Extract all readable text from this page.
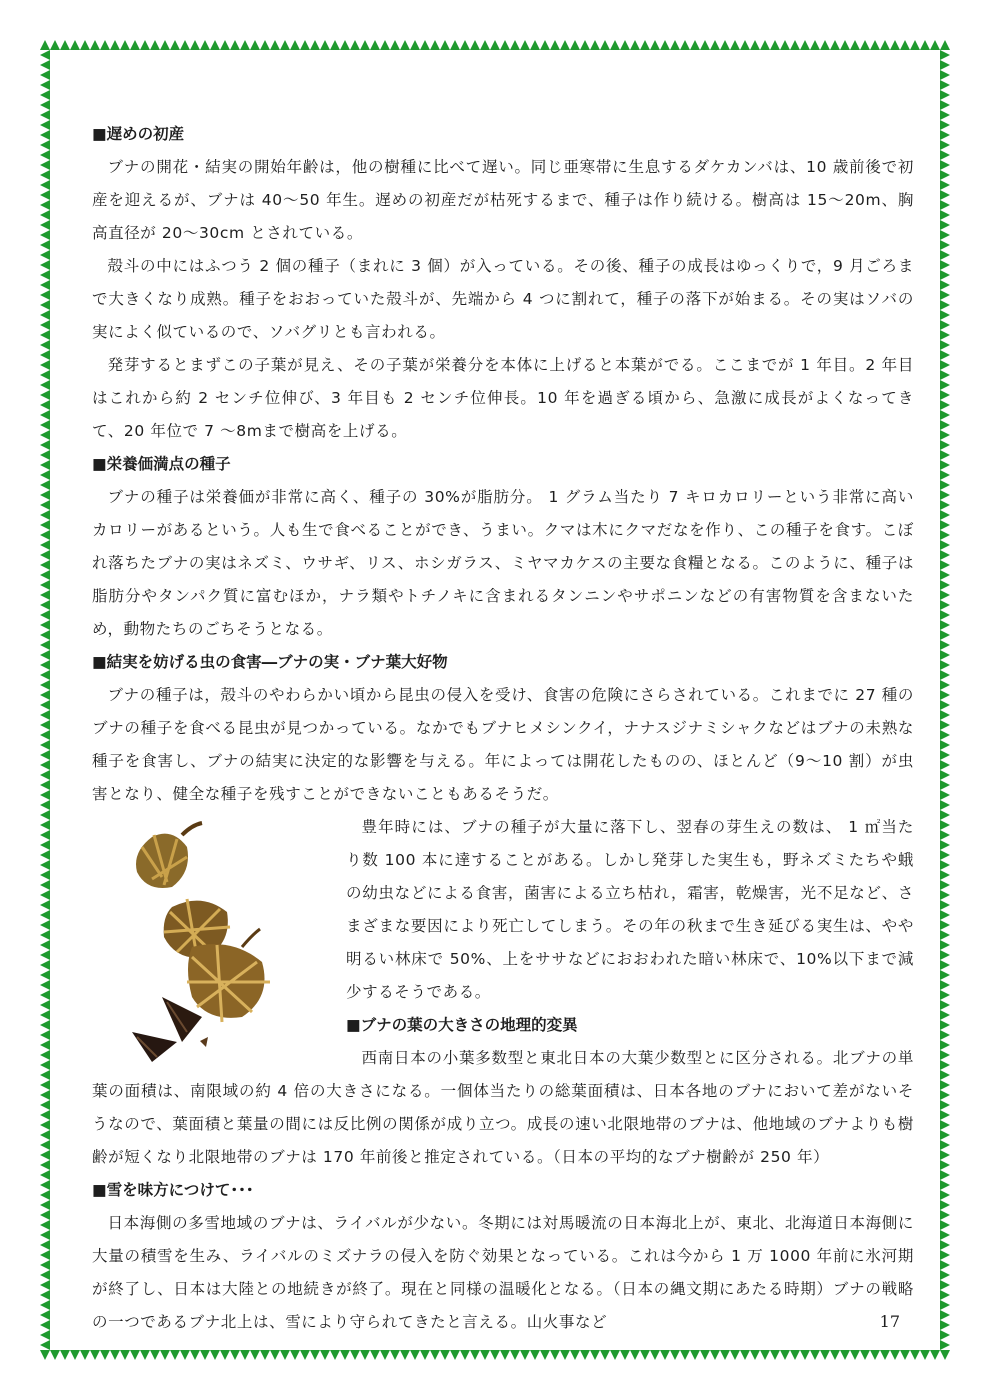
■遅めの初産
ブナの開花・結実の開始年齢は，他の樹種に比べて遅い。同じ亜寒帯に生息するダケカンバは、10 歳前後で初産を迎えるが、ブナは 40〜50 年生。遅めの初産だが枯死するまで、種子は作り続ける。樹高は 15〜20m、胸高直径が 20〜30cm とされている。
殻斗の中にはふつう 2 個の種子（まれに 3 個）が入っている。その後、種子の成長はゆっくりで，9 月ごろまで大きくなり成熟。種子をおおっていた殻斗が、先端から 4 つに割れて，種子の落下が始まる。その実はソバの実によく似ているので、ソバグリとも言われる。
発芽するとまずこの子葉が見え、その子葉が栄養分を本体に上げると本葉がでる。ここまでが 1 年目。2 年目はこれから約 2 センチ位伸び、3 年目も 2 センチ位伸長。10 年を過ぎる頃から、急激に成長がよくなってきて、20 年位で 7 〜8mまで樹高を上げる。
■栄養価満点の種子
ブナの種子は栄養価が非常に高く、種子の 30%が脂肪分。 1 グラム当たり 7 キロカロリーという非常に高いカロリーがあるという。人も生で食べることができ、うまい。クマは木にクマだなを作り、この種子を食す。こぼれ落ちたブナの実はネズミ、ウサギ、リス、ホシガラス、ミヤマカケスの主要な食糧となる。このように、種子は脂肪分やタンパク質に富むほか，ナラ類やトチノキに含まれるタンニンやサポニンなどの有害物質を含まないため，動物たちのごちそうとなる。
■結実を妨げる虫の食害―ブナの実・ブナ葉大好物
ブナの種子は，殻斗のやわらかい頃から昆虫の侵入を受け、食害の危険にさらされている。これまでに 27 種のブナの種子を食べる昆虫が見つかっている。なかでもブナヒメシンクイ，ナナスジナミシャクなどはブナの未熟な種子を食害し、ブナの結実に決定的な影響を与える。年によっては開花したものの、ほとんど（9〜10 割）が虫害となり、健全な種子を残すことができないこともあるそうだ。
豊年時には、ブナの種子が大量に落下し、翌春の芽生えの数は、 1 ㎡当たり数 100 本に達することがある。しかし発芽した実生も，野ネズミたちや蛾の幼虫などによる食害，菌害による立ち枯れ，霜害，乾燥害，光不足など、さまざまな要因により死亡してしまう。その年の秋まで生き延びる実生は、やや明るい林床で 50%、上をササなどにおおわれた暗い林床で、10%以下まで減少するそうである。
■ブナの葉の大きさの地理的変異
西南日本の小葉多数型と東北日本の大葉少数型とに区分される。北ブナの単葉の面積は、南限域の約 4 倍の大きさになる。一個体当たりの総葉面積は、日本各地のブナにおいて差がないそうなので、葉面積と葉量の間には反比例の関係が成り立つ。成長の速い北限地帯のブナは、他地域のブナよりも樹齢が短くなり北限地帯のブナは 170 年前後と推定されている。（日本の平均的なブナ樹齢が 250 年）
■雪を味方につけて･･･
日本海側の多雪地域のブナは、ライバルが少ない。冬期には対馬暖流の日本海北上が、東北、北海道日本海側に大量の積雪を生み、ライバルのミズナラの侵入を防ぐ効果となっている。これは今から 1 万 1000 年前に氷河期が終了し、日本は大陸との地続きが終了。現在と同様の温暖化となる。（日本の縄文期にあたる時期）ブナの戦略の一つであるブナ北上は、雪により守られてきたと言える。山火事など	17
